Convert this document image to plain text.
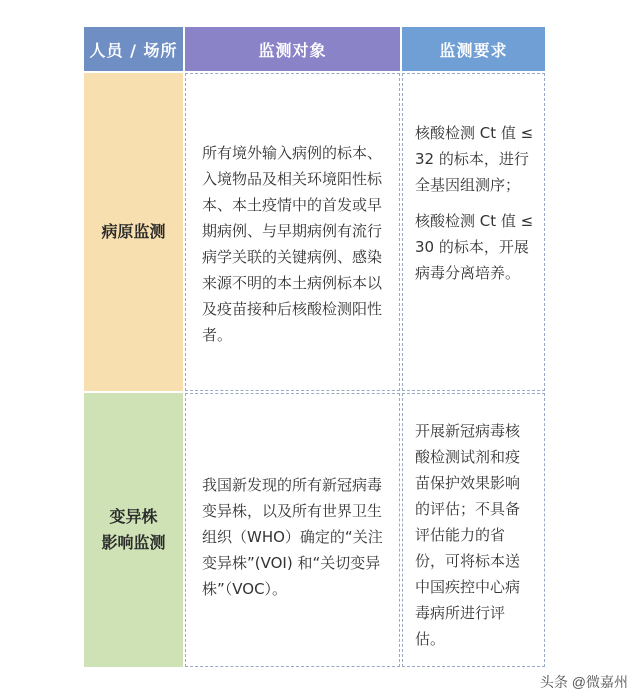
人员 / 场所	监测对象	监测要求
病原监测

所有境外输入病例的标本、入境物品及相关环境阳性标本、本土疫情中的首发或早期病例、与早期病例有流行病学关联的关键病例、感染来源不明的本土病例标本以及疫苗接种后核酸检测阳性者。

核酸检测 Ct 值 ≤ 32 的标本，进行全基因组测序；

核酸检测 Ct 值 ≤ 30 的标本，开展病毒分离培养。

变异株
影响监测

我国新发现的所有新冠病毒变异株，以及所有世界卫生组织（WHO）确定的“关注变异株”(VOI) 和“关切变异株”（VOC）。

开展新冠病毒核酸检测试剂和疫苗保护效果影响的评估；不具备评估能力的省份，可将标本送中国疾控中心病毒病所进行评估。

头条 @微嘉州
